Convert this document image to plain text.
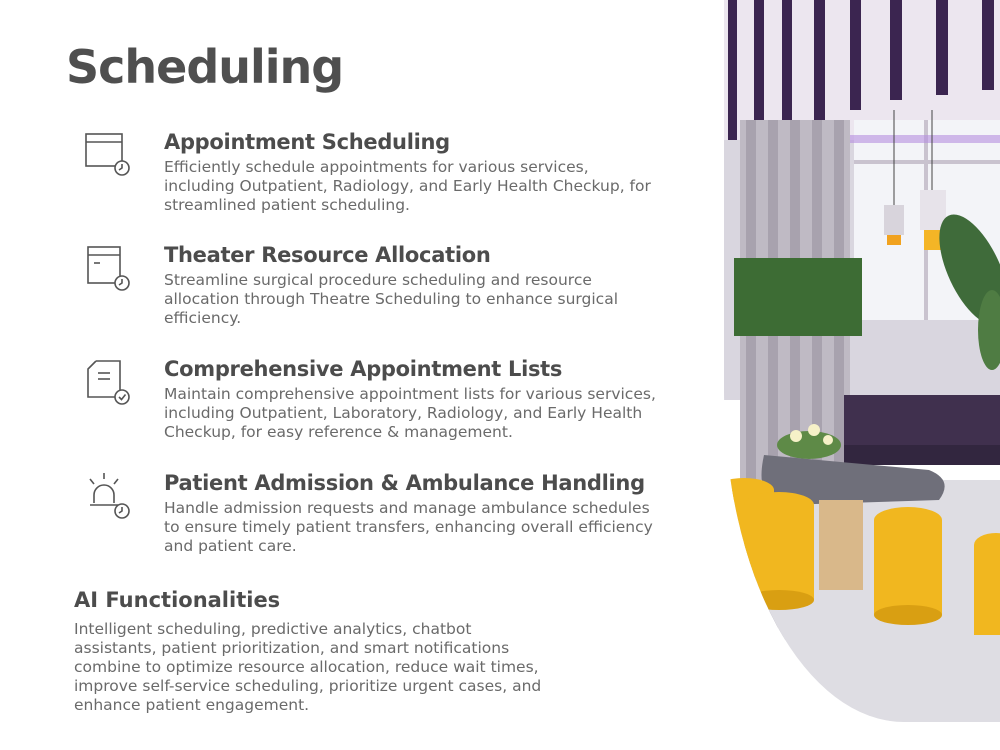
Scheduling
Appointment Scheduling

Efficiently schedule appointments for various services, including Outpatient, Radiology, and Early Health Checkup, for streamlined patient scheduling.

Theater Resource Allocation

Streamline surgical procedure scheduling and resource allocation through Theatre Scheduling to enhance surgical efficiency.

Comprehensive Appointment Lists

Maintain comprehensive appointment lists for various services, including Outpatient, Laboratory, Radiology, and Early Health Checkup, for easy reference & management.

Patient Admission & Ambulance Handling

Handle admission requests and manage ambulance schedules to ensure timely patient transfers, enhancing overall efficiency and patient care.

AI Functionalities

Intelligent scheduling, predictive analytics, chatbot assistants, patient prioritization, and smart notifications combine to optimize resource allocation, reduce wait times, improve self-service scheduling, prioritize urgent cases, and enhance patient engagement.
